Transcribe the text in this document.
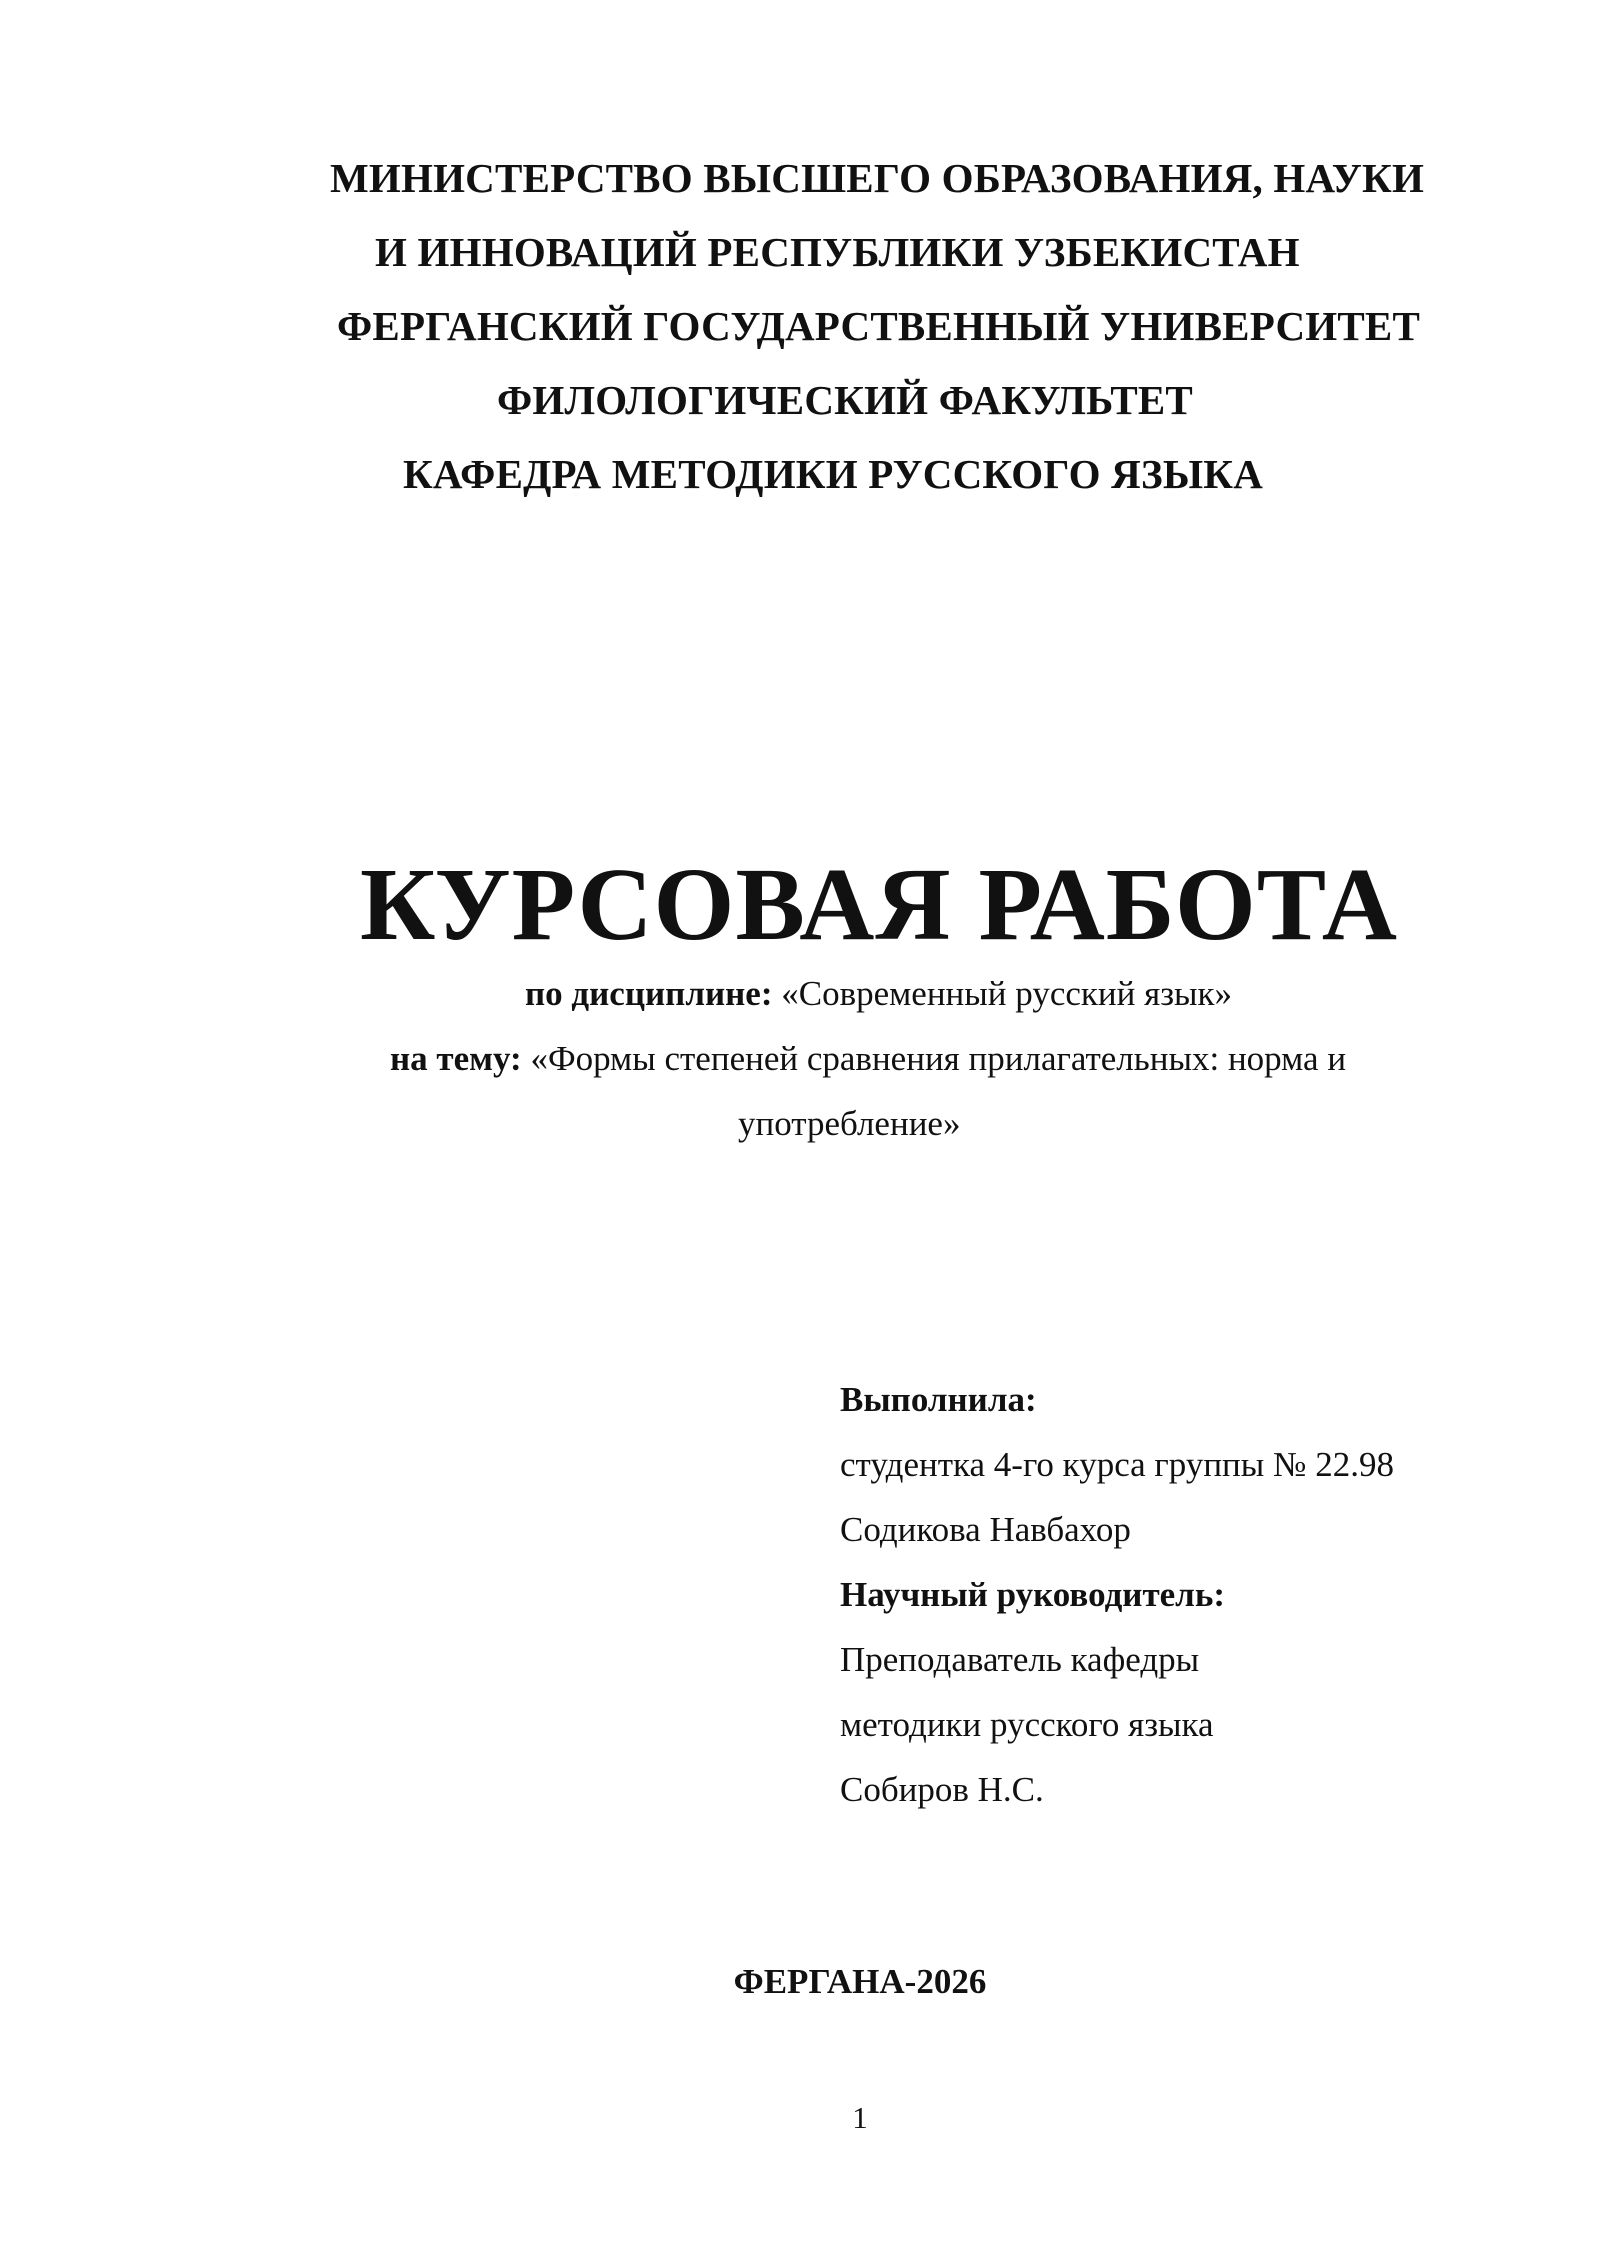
МИНИСТЕРСТВО ВЫСШЕГО ОБРАЗОВАНИЯ, НАУКИ
И ИННОВАЦИЙ РЕСПУБЛИКИ УЗБЕКИСТАН
ФЕРГАНСКИЙ ГОСУДАРСТВЕННЫЙ УНИВЕРСИТЕТ
ФИЛОЛОГИЧЕСКИЙ ФАКУЛЬТЕТ
КАФЕДРА МЕТОДИКИ РУССКОГО ЯЗЫКА
КУРСОВАЯ РАБОТА
по дисциплине: «Современный русский язык»
на тему: «Формы степеней сравнения прилагательных: норма и
употребление»
Выполнила:
студентка 4-го курса группы № 22.98
Содикова Навбахор
Научный руководитель:
Преподаватель кафедры
методики русского языка
Собиров Н.С.
ФЕРГАНА-2026
1
